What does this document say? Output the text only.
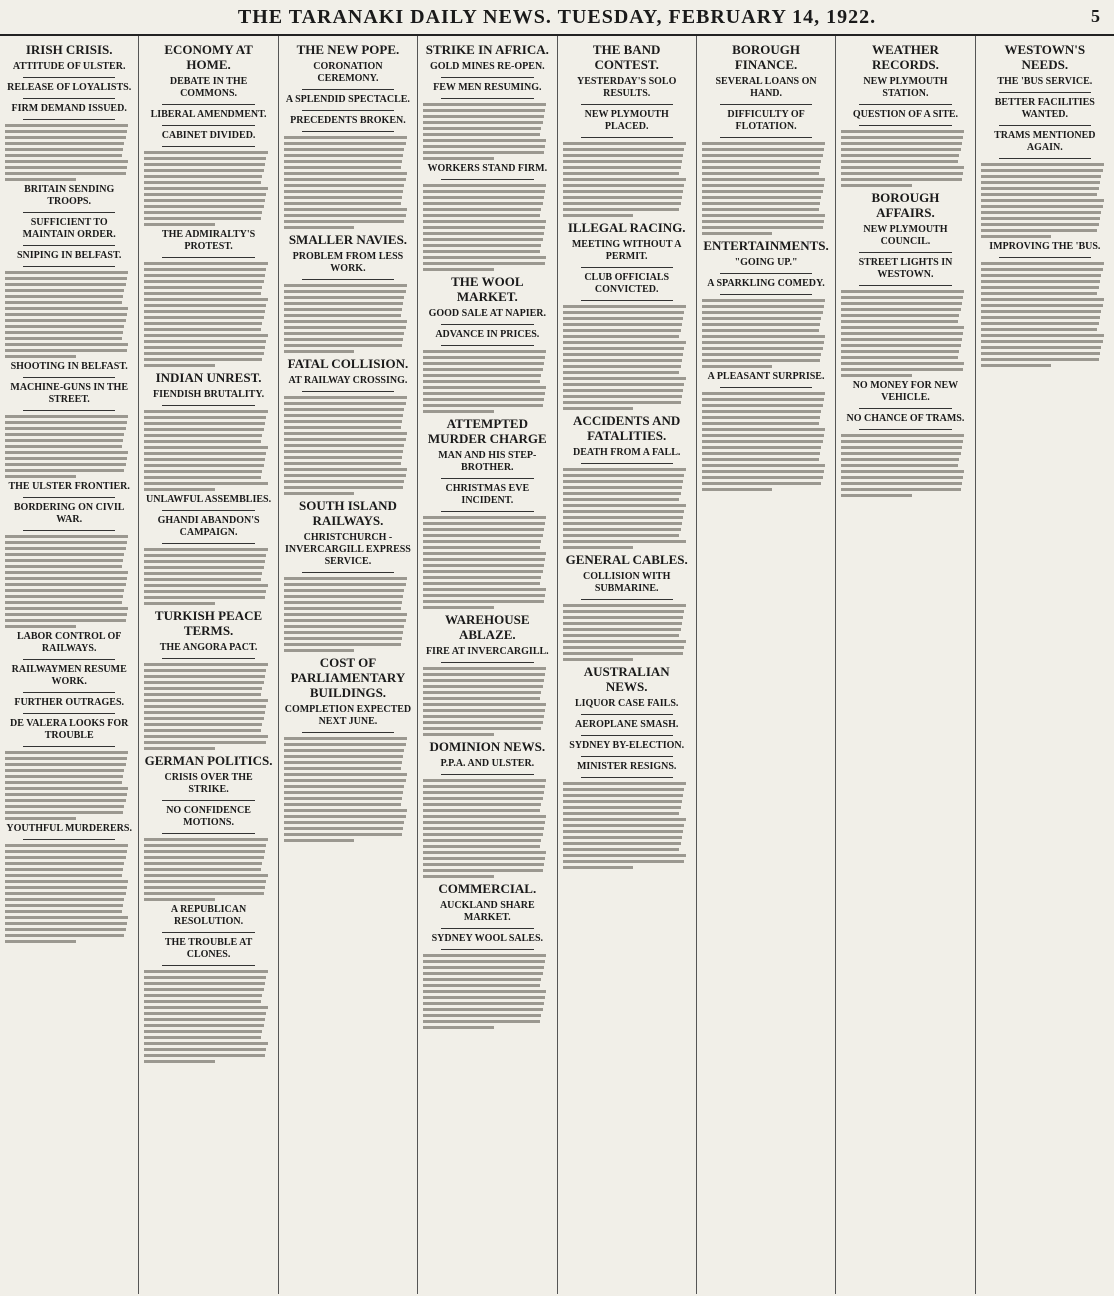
THE TARANAKI DAILY NEWS. TUESDAY, FEBRUARY 14, 1922.	5
IRISH CRISIS.
ATTITUDE OF ULSTER.
RELEASE OF LOYALISTS.
FIRM DEMAND ISSUED.
BRITAIN SENDING TROOPS.
SUFFICIENT TO MAINTAIN ORDER.
SNIPING IN BELFAST.
SHOOTING IN BELFAST.
MACHINE-GUNS IN THE STREET.
THE ULSTER FRONTIER.
BORDERING ON CIVIL WAR.
LABOR CONTROL OF RAILWAYS.
RAILWAYMEN RESUME WORK.
FURTHER OUTRAGES.
DE VALERA LOOKS FOR TROUBLE
YOUTHFUL MURDERERS.
ECONOMY AT HOME.
DEBATE IN THE COMMONS.
LIBERAL AMENDMENT.
CABINET DIVIDED.
THE ADMIRALTY'S PROTEST.
INDIAN UNREST.
FIENDISH BRUTALITY.
UNLAWFUL ASSEMBLIES.
GHANDI ABANDON'S CAMPAIGN.
TURKISH PEACE TERMS.
THE ANGORA PACT.
GERMAN POLITICS.
CRISIS OVER THE STRIKE.
NO CONFIDENCE MOTIONS.
A REPUBLICAN RESOLUTION.
THE TROUBLE AT CLONES.
THE NEW POPE.
CORONATION CEREMONY.
A SPLENDID SPECTACLE.
PRECEDENTS BROKEN.
SMALLER NAVIES.
PROBLEM FROM LESS WORK.
FATAL COLLISION.
AT RAILWAY CROSSING.
SOUTH ISLAND RAILWAYS.
CHRISTCHURCH - INVERCARGILL EXPRESS SERVICE.
COST OF PARLIAMENTARY BUILDINGS.
COMPLETION EXPECTED NEXT JUNE.
STRIKE IN AFRICA.
GOLD MINES RE-OPEN.
FEW MEN RESUMING.
WORKERS STAND FIRM.
THE WOOL MARKET.
GOOD SALE AT NAPIER.
ADVANCE IN PRICES.
ATTEMPTED MURDER CHARGE
MAN AND HIS STEP-BROTHER.
CHRISTMAS EVE INCIDENT.
WAREHOUSE ABLAZE.
FIRE AT INVERCARGILL.
DOMINION NEWS.
P.P.A. AND ULSTER.
COMMERCIAL.
AUCKLAND SHARE MARKET.
SYDNEY WOOL SALES.
THE BAND CONTEST.
YESTERDAY'S SOLO RESULTS.
NEW PLYMOUTH PLACED.
ILLEGAL RACING.
MEETING WITHOUT A PERMIT.
CLUB OFFICIALS CONVICTED.
ACCIDENTS AND FATALITIES.
DEATH FROM A FALL.
GENERAL CABLES.
COLLISION WITH SUBMARINE.
AUSTRALIAN NEWS.
LIQUOR CASE FAILS.
AEROPLANE SMASH.
SYDNEY BY-ELECTION.
MINISTER RESIGNS.
BOROUGH FINANCE.
SEVERAL LOANS ON HAND.
DIFFICULTY OF FLOTATION.
ENTERTAINMENTS.
"GOING UP."
A SPARKLING COMEDY.
A PLEASANT SURPRISE.
WEATHER RECORDS.
NEW PLYMOUTH STATION.
QUESTION OF A SITE.
BOROUGH AFFAIRS.
NEW PLYMOUTH COUNCIL.
STREET LIGHTS IN WESTOWN.
NO MONEY FOR NEW VEHICLE.
NO CHANCE OF TRAMS.
WESTOWN'S NEEDS.
THE 'BUS SERVICE.
BETTER FACILITIES WANTED.
TRAMS MENTIONED AGAIN.
IMPROVING THE 'BUS.
